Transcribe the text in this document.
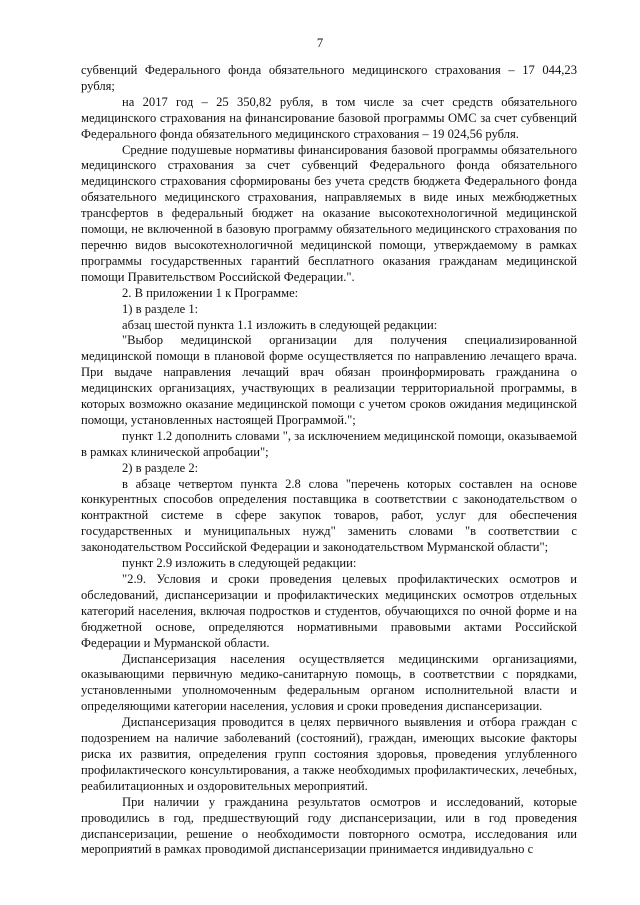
7

субвенций Федерального фонда обязательного медицинского страхования – 17 044,23 рубля;

на 2017 год – 25 350,82 рубля, в том числе за счет средств обязательного медицинского страхования на финансирование базовой программы ОМС за счет субвенций Федерального фонда обязательного медицинского страхования – 19 024,56 рубля.

Средние подушевые нормативы финансирования базовой программы обязательного медицинского страхования за счет субвенций Федерального фонда обязательного медицинского страхования сформированы без учета средств бюджета Федерального фонда обязательного медицинского страхования, направляемых в виде иных межбюджетных трансфертов в федеральный бюджет на оказание высокотехнологичной медицинской помощи, не включенной в базовую программу обязательного медицинского страхования по перечню видов высокотехнологичной медицинской помощи, утверждаемому в рамках программы государственных гарантий бесплатного оказания гражданам медицинской помощи Правительством Российской Федерации.".

2. В приложении 1 к Программе:

1) в разделе 1:

абзац шестой пункта 1.1 изложить в следующей редакции:

"Выбор медицинской организации для получения специализированной медицинской помощи в плановой форме осуществляется по направлению лечащего врача. При выдаче направления лечащий врач обязан проинформировать гражданина о медицинских организациях, участвующих в реализации территориальной программы, в которых возможно оказание медицинской помощи с учетом сроков ожидания медицинской помощи, установленных настоящей Программой.";

пункт 1.2 дополнить словами ", за исключением медицинской помощи, оказываемой в рамках клинической апробации";

2) в разделе 2:

в абзаце четвертом пункта 2.8 слова "перечень которых составлен на основе конкурентных способов определения поставщика в соответствии с законодательством о контрактной системе в сфере закупок товаров, работ, услуг для обеспечения государственных и муниципальных нужд" заменить словами "в соответствии с законодательством Российской Федерации и законодательством Мурманской области";

пункт 2.9 изложить в следующей редакции:

"2.9. Условия и сроки проведения целевых профилактических осмотров и обследований, диспансеризации и профилактических медицинских осмотров отдельных категорий населения, включая подростков и студентов, обучающихся по очной форме и на бюджетной основе, определяются нормативными правовыми актами Российской Федерации и Мурманской области.

Диспансеризация населения осуществляется медицинскими организациями, оказывающими первичную медико-санитарную помощь, в соответствии с порядками, установленными уполномоченным федеральным органом исполнительной власти и определяющими категории населения, условия и сроки проведения диспансеризации.

Диспансеризация проводится в целях первичного выявления и отбора граждан с подозрением на наличие заболеваний (состояний), граждан, имеющих высокие факторы риска их развития, определения групп состояния здоровья, проведения углубленного профилактического консультирования, а также необходимых профилактических, лечебных, реабилитационных и оздоровительных мероприятий.

При наличии у гражданина результатов осмотров и исследований, которые проводились в год, предшествующий году диспансеризации, или в год проведения диспансеризации, решение о необходимости повторного осмотра, исследования или мероприятий в рамках проводимой диспансеризации принимается индивидуально с
